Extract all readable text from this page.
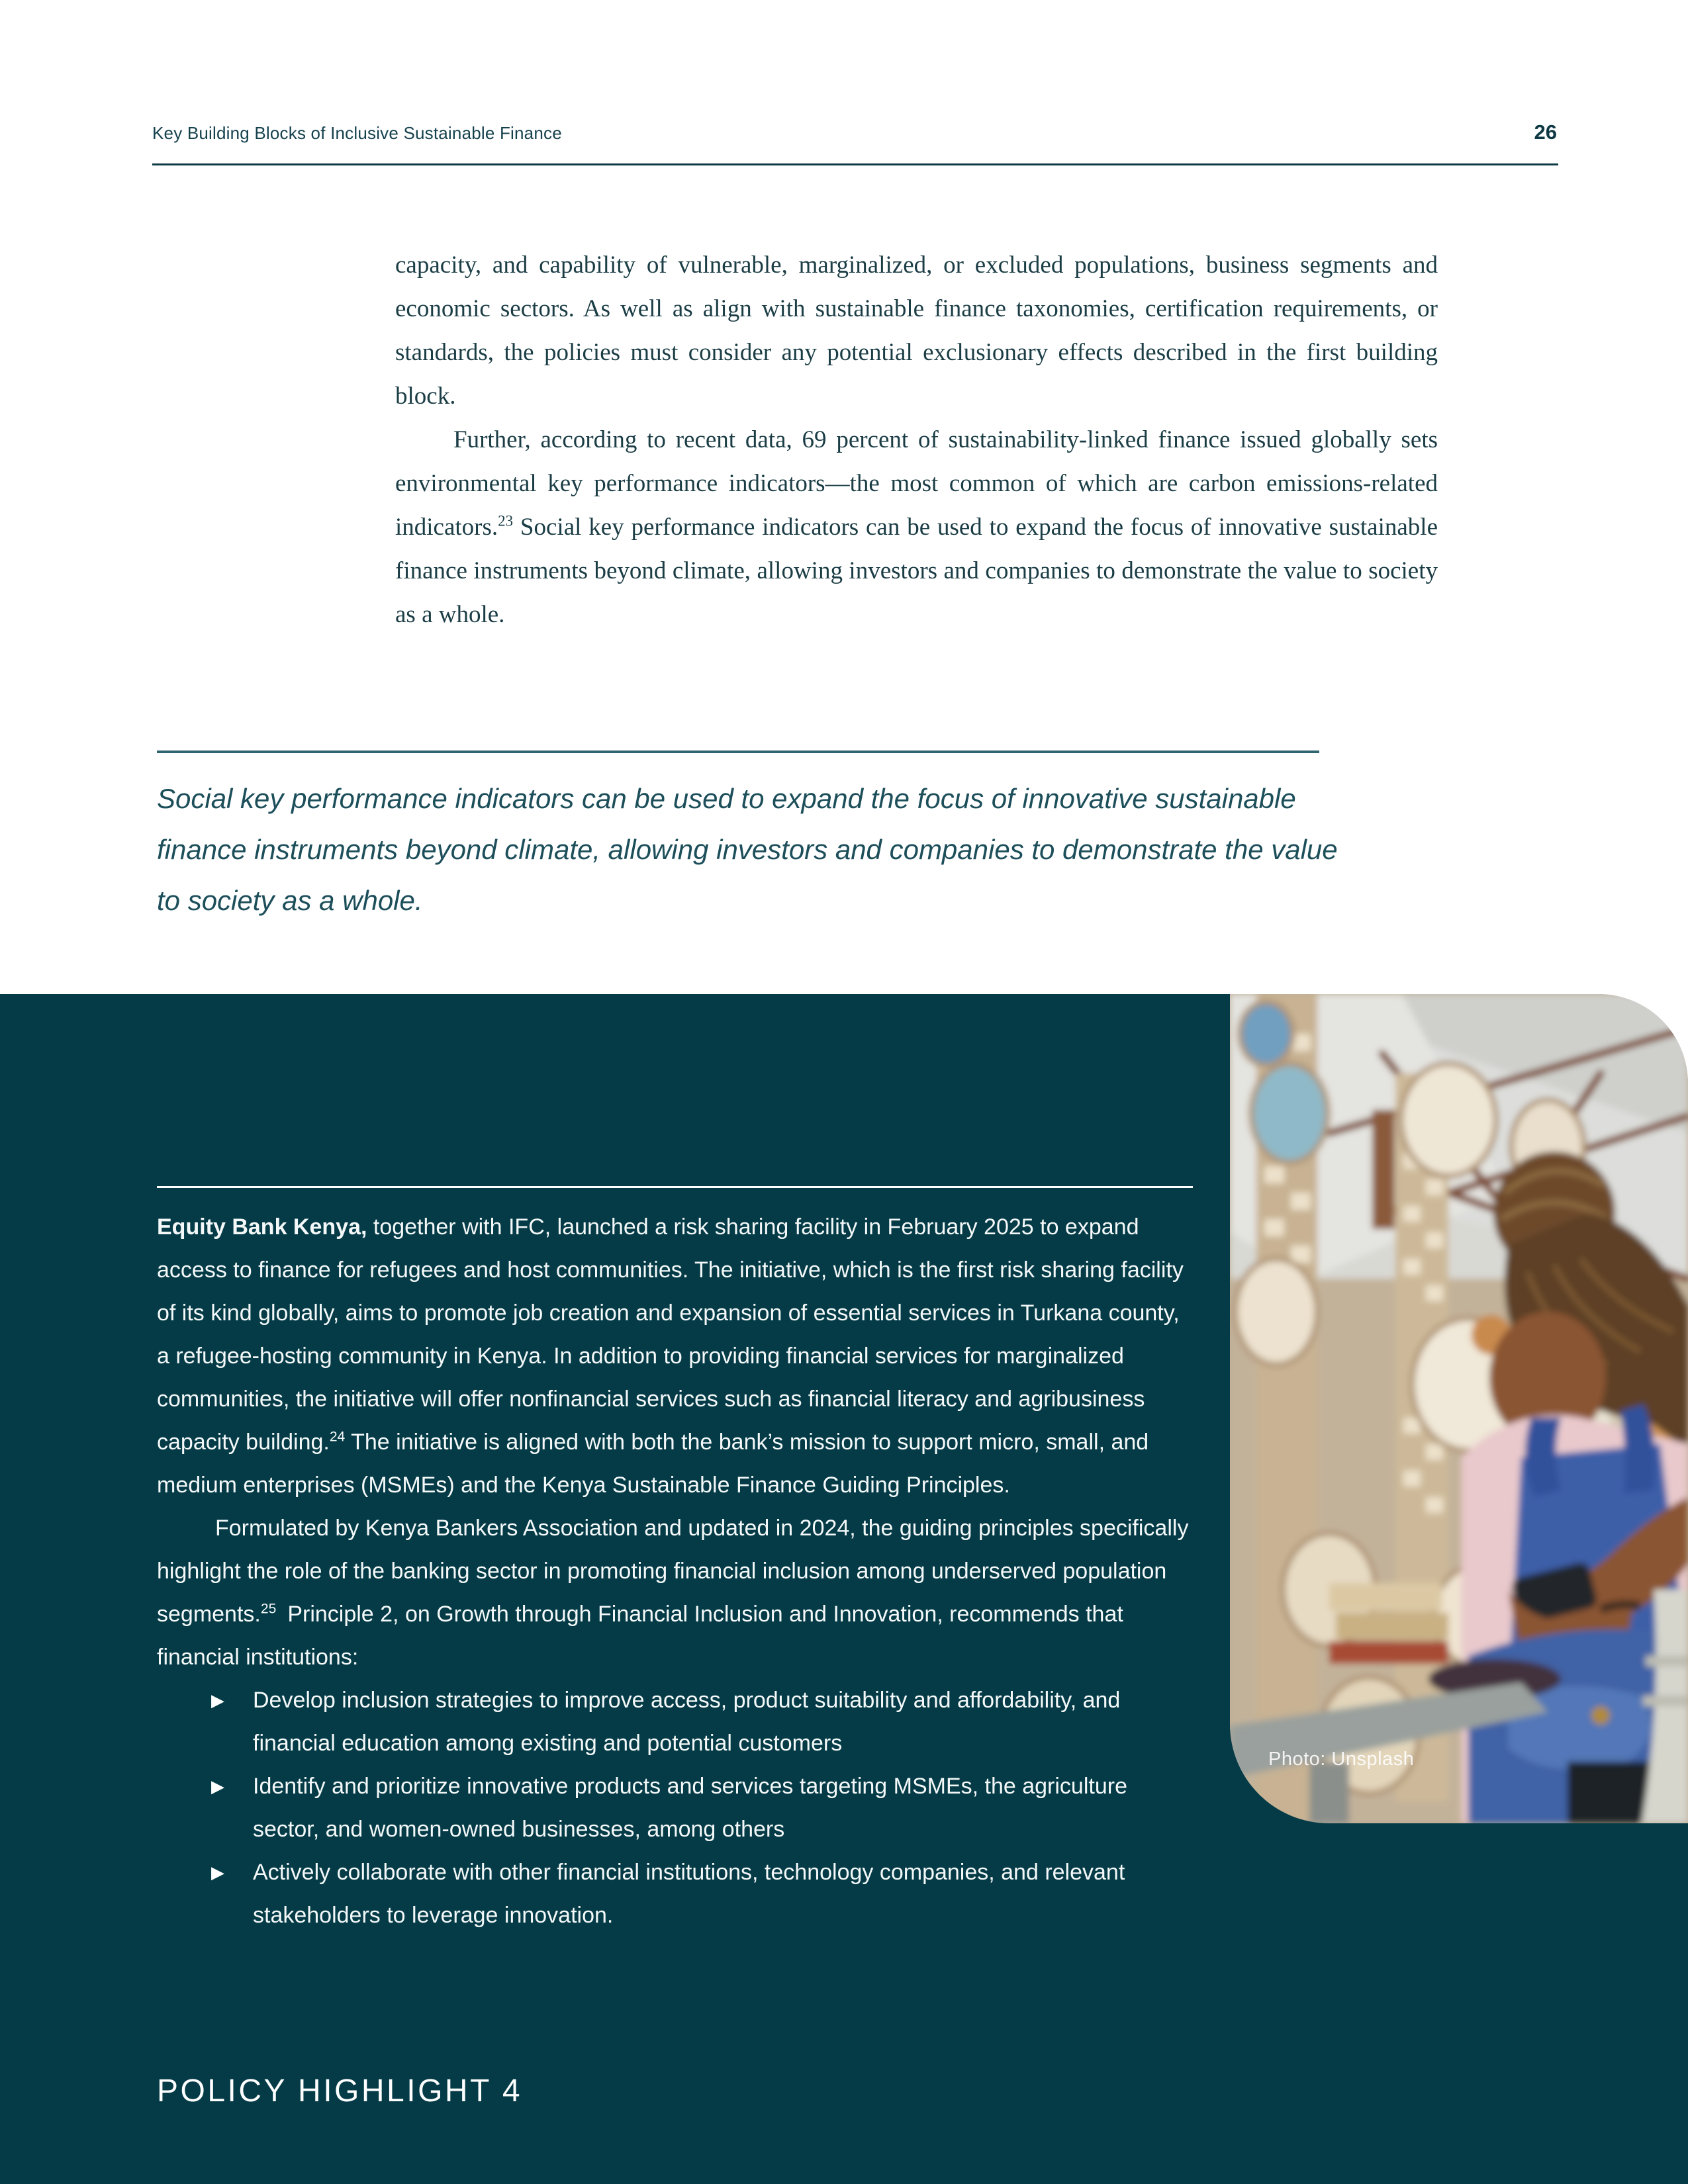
Key Building Blocks of Inclusive Sustainable Finance	26

capacity, and capability of vulnerable, marginalized, or excluded populations, business segments and economic sectors. As well as align with sustainable finance taxonomies, certification requirements, or standards, the policies must consider any potential exclusionary effects described in the first building block.

Further, according to recent data, 69 percent of sustainability-linked finance issued globally sets environmental key performance indicators—the most common of which are carbon emissions-related indicators.$^{23}$ Social key performance indicators can be used to expand the focus of innovative sustainable finance instruments beyond climate, allowing investors and companies to demonstrate the value to society as a whole.

Social key performance indicators can be used to expand the focus of innovative sustainable finance instruments beyond climate, allowing investors and companies to demonstrate the value to society as a whole.
POLICY HIGHLIGHT 4

Equity Bank Kenya, together with IFC, launched a risk sharing facility in February 2025 to expand access to finance for refugees and host communities. The initiative, which is the first risk sharing facility of its kind globally, aims to promote job creation and expansion of essential services in Turkana county, a refugee-hosting community in Kenya. In addition to providing financial services for marginalized communities, the initiative will offer nonfinancial services such as financial literacy and agribusiness capacity building.$^{24}$ The initiative is aligned with both the bank’s mission to support micro, small, and medium enterprises (MSMEs) and the Kenya Sustainable Finance Guiding Principles.

Formulated by Kenya Bankers Association and updated in 2024, the guiding principles specifically highlight the role of the banking sector in promoting financial inclusion among underserved population segments.$^{25}$ Principle 2, on Growth through Financial Inclusion and Innovation, recommends that financial institutions:

▶ Develop inclusion strategies to improve access, product suitability and affordability, and financial education among existing and potential customers
▶ Identify and prioritize innovative products and services targeting MSMEs, the agriculture sector, and women-owned businesses, among others
▶ Actively collaborate with other financial institutions, technology companies, and relevant stakeholders to leverage innovation.
Photo: Unsplash
